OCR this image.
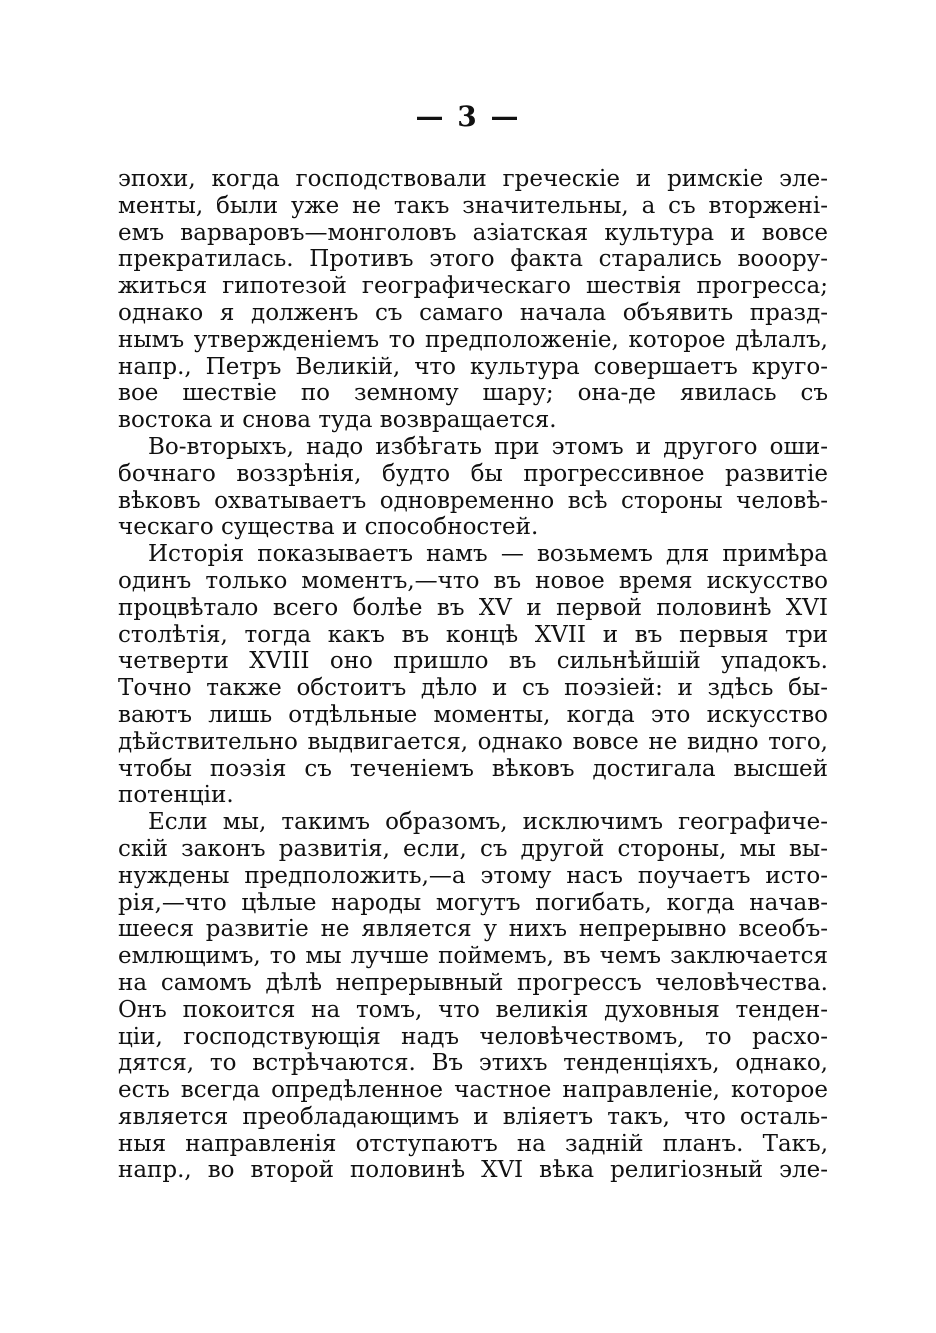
— 3 —
эпохи, когда господствовали греческіе и римскіе эле-
менты, были уже не такъ значительны, а съ вторженi-
емъ варваровъ—монголовъ азіатская культура и вовсе
прекратилась. Противъ этого факта старались вооору-
житься гипотезой географическаго шествія прогресса;
однако я долженъ съ самаго начала объявить празд-
нымъ утвержденіемъ то предположеніе, которое дѣлалъ,
напр., Петръ Великій, что культура совершаетъ круго-
вое шествіе по земному шару; она-де явилась съ
востока и снова туда возвращается.
Во-вторыхъ, надо избѣгать при этомъ и другого оши-
бочнаго воззрѣнія, будто бы прогрессивное развитіе
вѣковъ охватываетъ одновременно всѣ стороны человѣ-
ческаго существа и способностей.
Исторія показываетъ намъ — возьмемъ для примѣра
одинъ только моментъ,—что въ новое время искусство
процвѣтало всего болѣе въ XV и первой половинѣ XVI
столѣтія, тогда какъ въ концѣ XVII и въ первыя три
четверти XVIII оно пришло въ сильнѣйшій упадокъ.
Точно также обстоитъ дѣло и съ поэзіей: и здѣсь бы-
ваютъ лишь отдѣльные моменты, когда это искусство
дѣйствительно выдвигается, однако вовсе не видно того,
чтобы поэзія съ теченіемъ вѣковъ достигала высшей
потенціи.
Если мы, такимъ образомъ, исключимъ географиче-
скій законъ развитія, если, съ другой стороны, мы вы-
нуждены предположить,—а этому насъ поучаетъ исто-
рія,—что цѣлые народы могутъ погибать, когда начав-
шееся развитіе не является у нихъ непрерывно всеобъ-
емлющимъ, то мы лучше поймемъ, въ чемъ заключается
на самомъ дѣлѣ непрерывный прогрессъ человѣчества.
Онъ покоится на томъ, что великія духовныя тенден-
ціи, господствующія надъ человѣчествомъ, то расхо-
дятся, то встрѣчаются. Въ этихъ тенденціяхъ, однако,
есть всегда опредѣленное частное направленіе, которое
является преобладающимъ и вліяетъ такъ, что осталь-
ныя направленія отступаютъ на задній планъ. Такъ,
напр., во второй половинѣ XVI вѣка религіозный эле-
